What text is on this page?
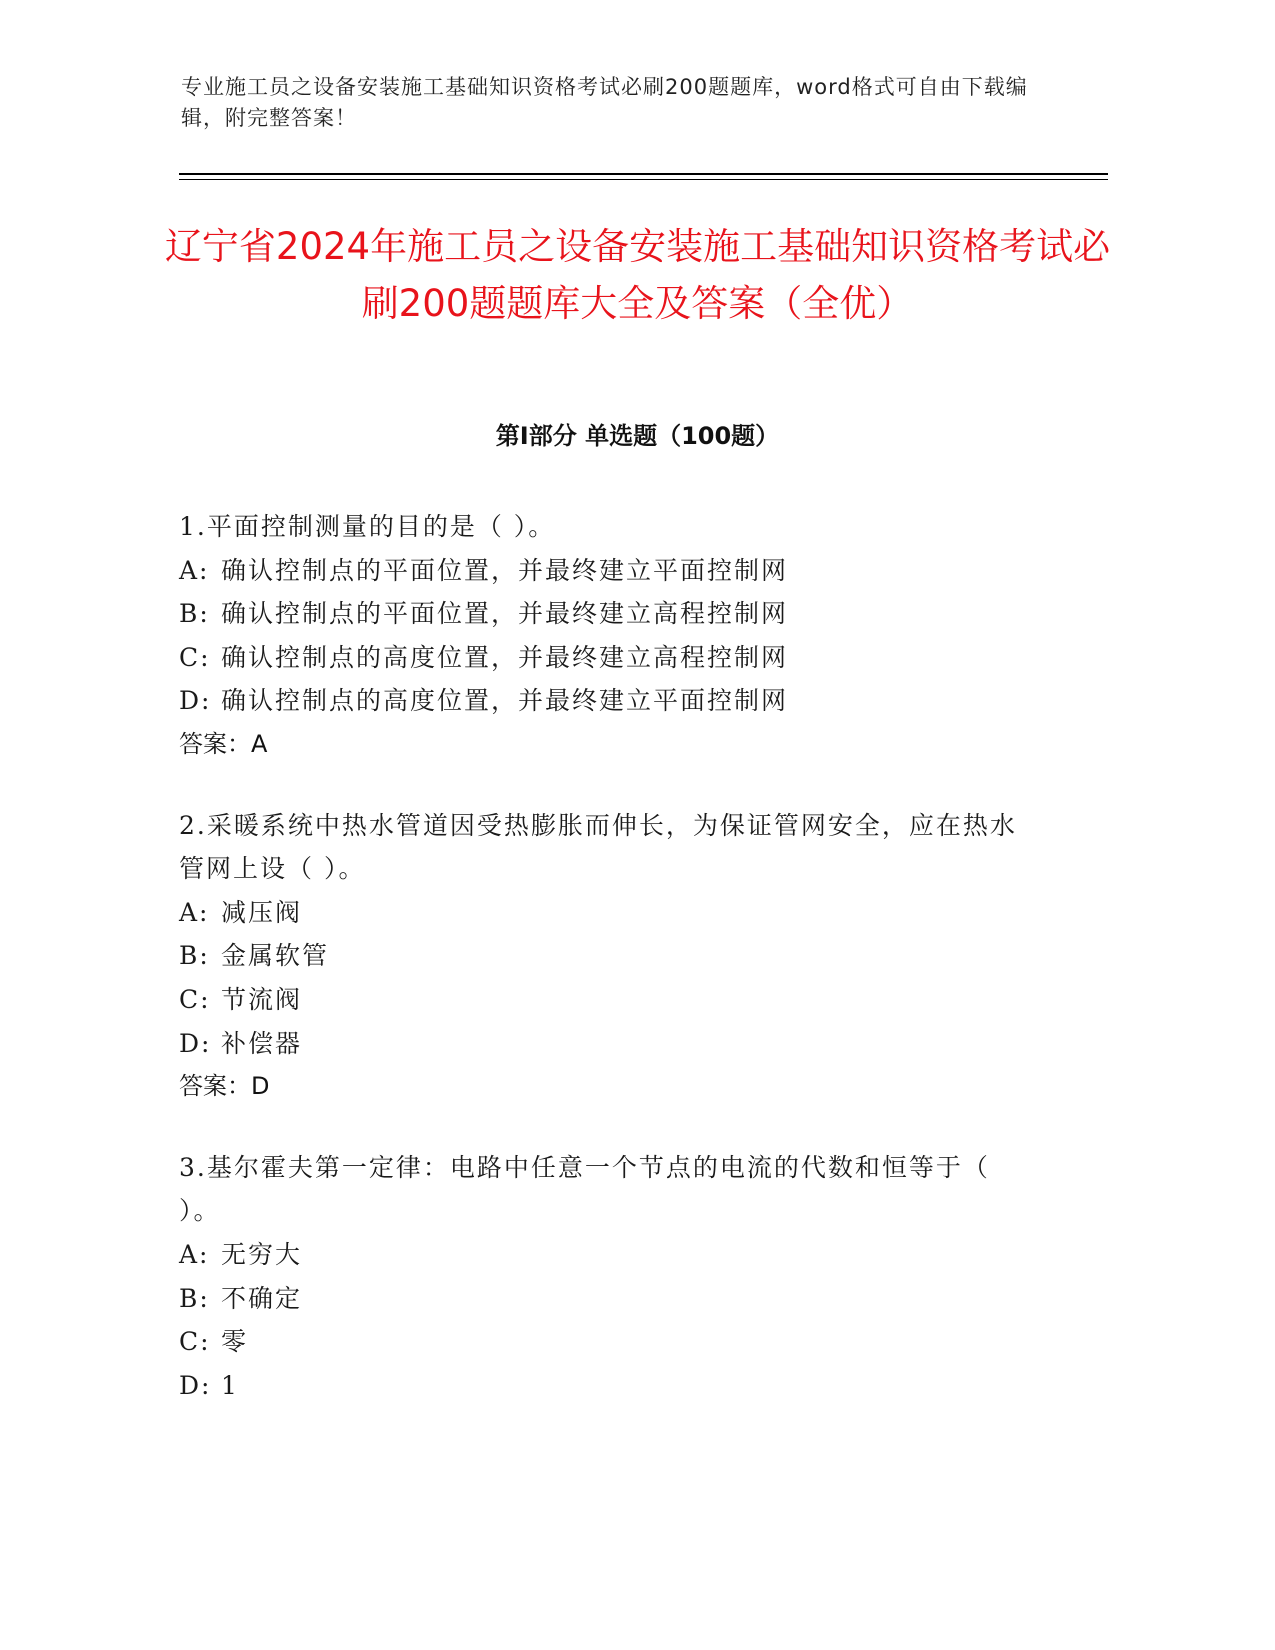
专业施工员之设备安装施工基础知识资格考试必刷200题题库，word格式可自由下载编辑，附完整答案！
辽宁省2024年施工员之设备安装施工基础知识资格考试必刷200题题库大全及答案（全优）
第Ⅰ部分 单选题（100题）

1.平面控制测量的目的是（ ）。

A: 确认控制点的平面位置，并最终建立平面控制网

B: 确认控制点的平面位置，并最终建立高程控制网

C: 确认控制点的高度位置，并最终建立高程控制网

D: 确认控制点的高度位置，并最终建立平面控制网

答案：A

2.采暖系统中热水管道因受热膨胀而伸长，为保证管网安全，应在热水管网上设（ ）。

A: 减压阀

B: 金属软管

C: 节流阀

D: 补偿器

答案：D

3.基尔霍夫第一定律：电路中任意一个节点的电流的代数和恒等于（ ）。

A: 无穷大

B: 不确定

C: 零

D: 1
